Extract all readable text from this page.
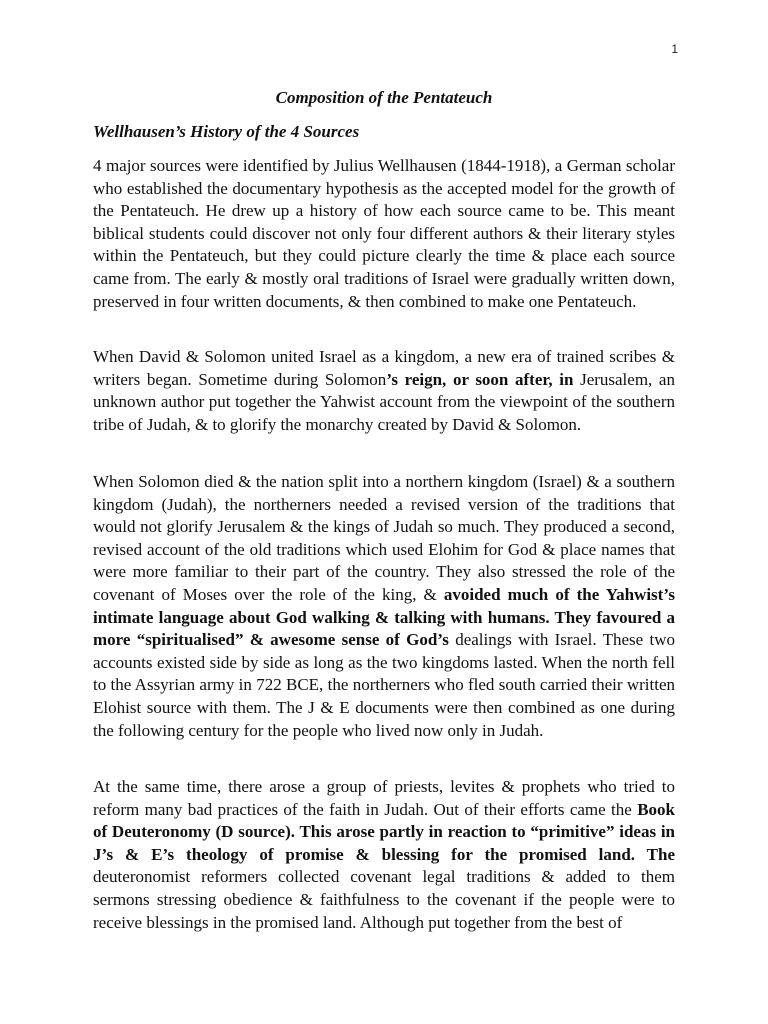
1
Composition of the Pentateuch
Wellhausen’s History of the 4 Sources

4 major sources were identified by Julius Wellhausen (1844-1918), a German scholar who established the documentary hypothesis as the accepted model for the growth of the Pentateuch. He drew up a history of how each source came to be. This meant biblical students could discover not only four different authors & their literary styles within the Pentateuch, but they could picture clearly the time & place each source came from. The early & mostly oral traditions of Israel were gradually written down, preserved in four written documents, & then combined to make one Pentateuch.

When David & Solomon united Israel as a kingdom, a new era of trained scribes & writers began. Sometime during Solomon’s reign, or soon after, in Jerusalem, an unknown author put together the Yahwist account from the viewpoint of the southern tribe of Judah, & to glorify the monarchy created by David & Solomon.

When Solomon died & the nation split into a northern kingdom (Israel) & a southern kingdom (Judah), the northerners needed a revised version of the traditions that would not glorify Jerusalem & the kings of Judah so much. They produced a second, revised account of the old traditions which used Elohim for God & place names that were more familiar to their part of the country. They also stressed the role of the covenant of Moses over the role of the king, & avoided much of the Yahwist’s intimate language about God walking & talking with humans. They favoured a more “spiritualised” & awesome sense of God’s dealings with Israel. These two accounts existed side by side as long as the two kingdoms lasted. When the north fell to the Assyrian army in 722 BCE, the northerners who fled south carried their written Elohist source with them. The J & E documents were then combined as one during the following century for the people who lived now only in Judah.

At the same time, there arose a group of priests, levites & prophets who tried to reform many bad practices of the faith in Judah. Out of their efforts came the Book of Deuteronomy (D source). This arose partly in reaction to “primitive” ideas in J’s & E’s theology of promise & blessing for the promised land. The deuteronomist reformers collected covenant legal traditions & added to them sermons stressing obedience & faithfulness to the covenant if the people were to receive blessings in the promised land. Although put together from the best of
